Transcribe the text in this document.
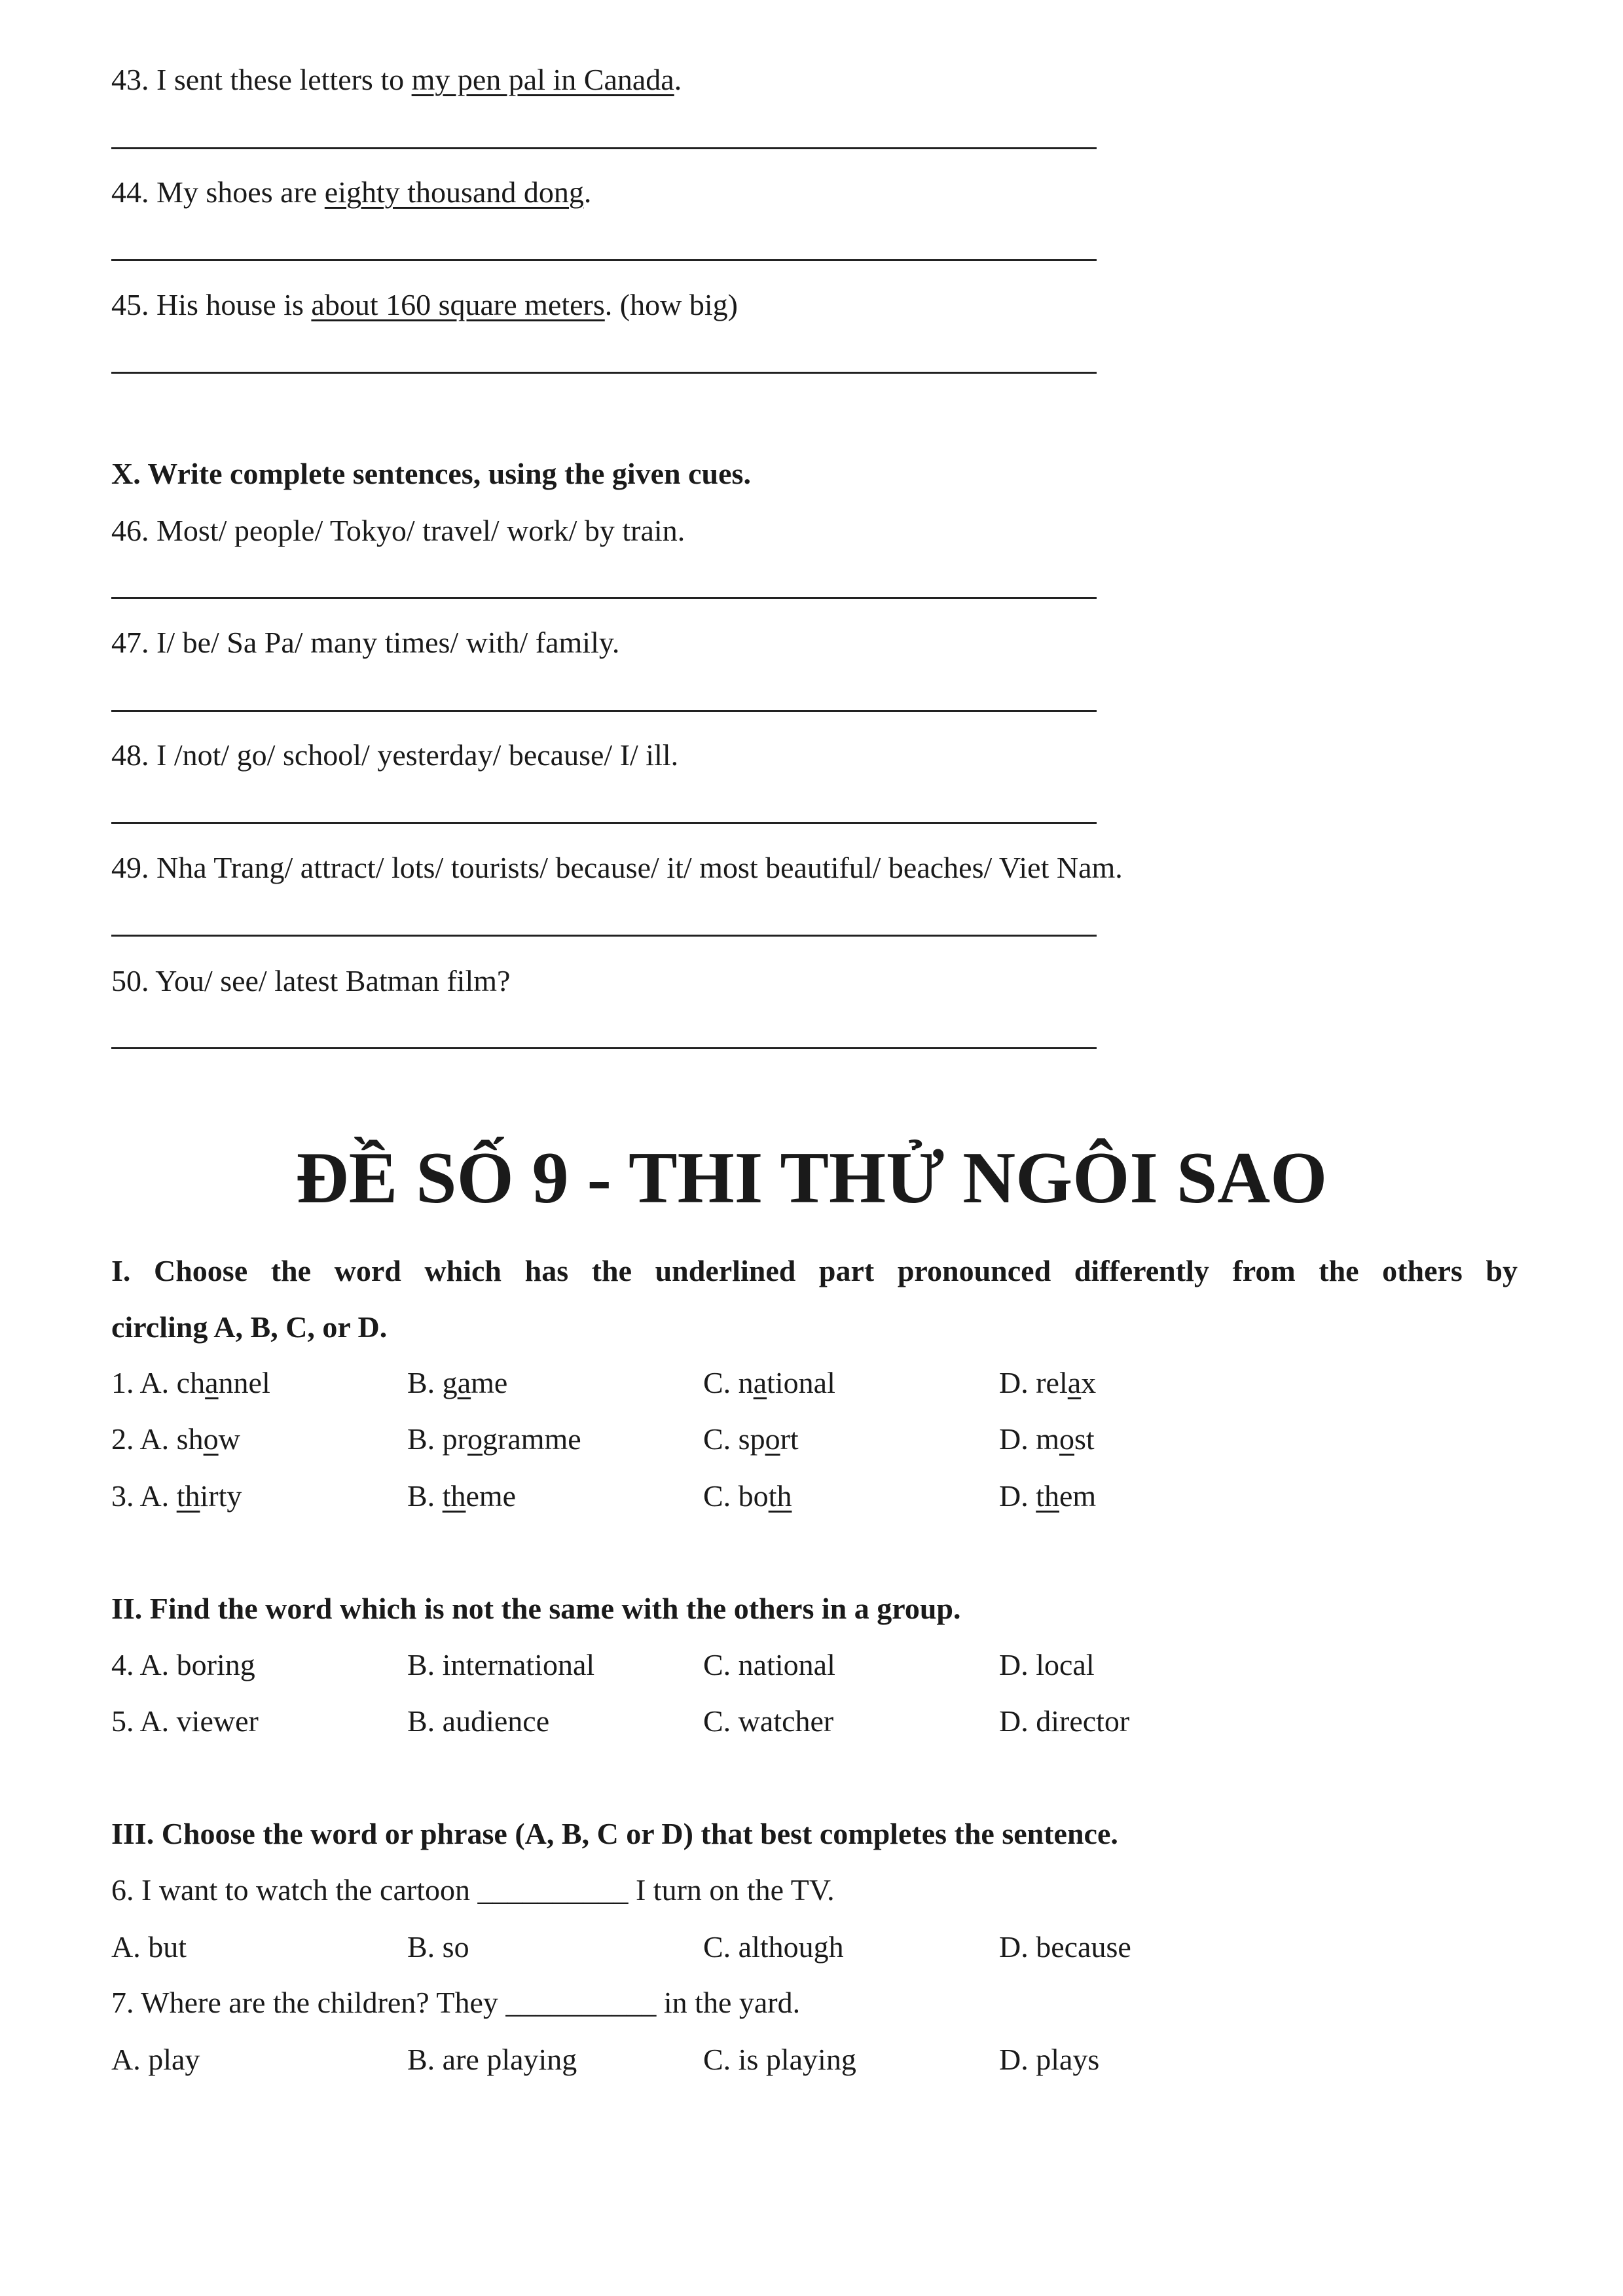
43. I sent these letters to my pen pal in Canada.
44. My shoes are eighty thousand dong.
45. His house is about 160 square meters. (how big)
X. Write complete sentences, using the given cues.
46. Most/ people/ Tokyo/ travel/ work/ by train.
47. I/ be/ Sa Pa/ many times/ with/ family.
48. I /not/ go/ school/ yesterday/ because/ I/ ill.
49. Nha Trang/ attract/ lots/ tourists/ because/ it/ most beautiful/ beaches/ Viet Nam.
50. You/ see/ latest Batman film?
ĐỀ SỐ 9 - THI THỬ NGÔI SAO
I. Choose the word which has the underlined part pronounced differently from the others by
circling A, B, C, or D.
1. A. channel	B. game	C. national	D. relax
2. A. show	B. programme	C. sport	D. most
3. A. thirty	B. theme	C. both	D. them
II. Find the word which is not the same with the others in a group.
4. A. boring	B. international	C. national	D. local
5. A. viewer	B. audience	C. watcher	D. director
III. Choose the word or phrase (A, B, C or D) that best completes the sentence.
6. I want to watch the cartoon __________ I turn on the TV.
A. but	B. so	C. although	D. because
7. Where are the children? They __________ in the yard.
A. play	B. are playing	C. is playing	D. plays
